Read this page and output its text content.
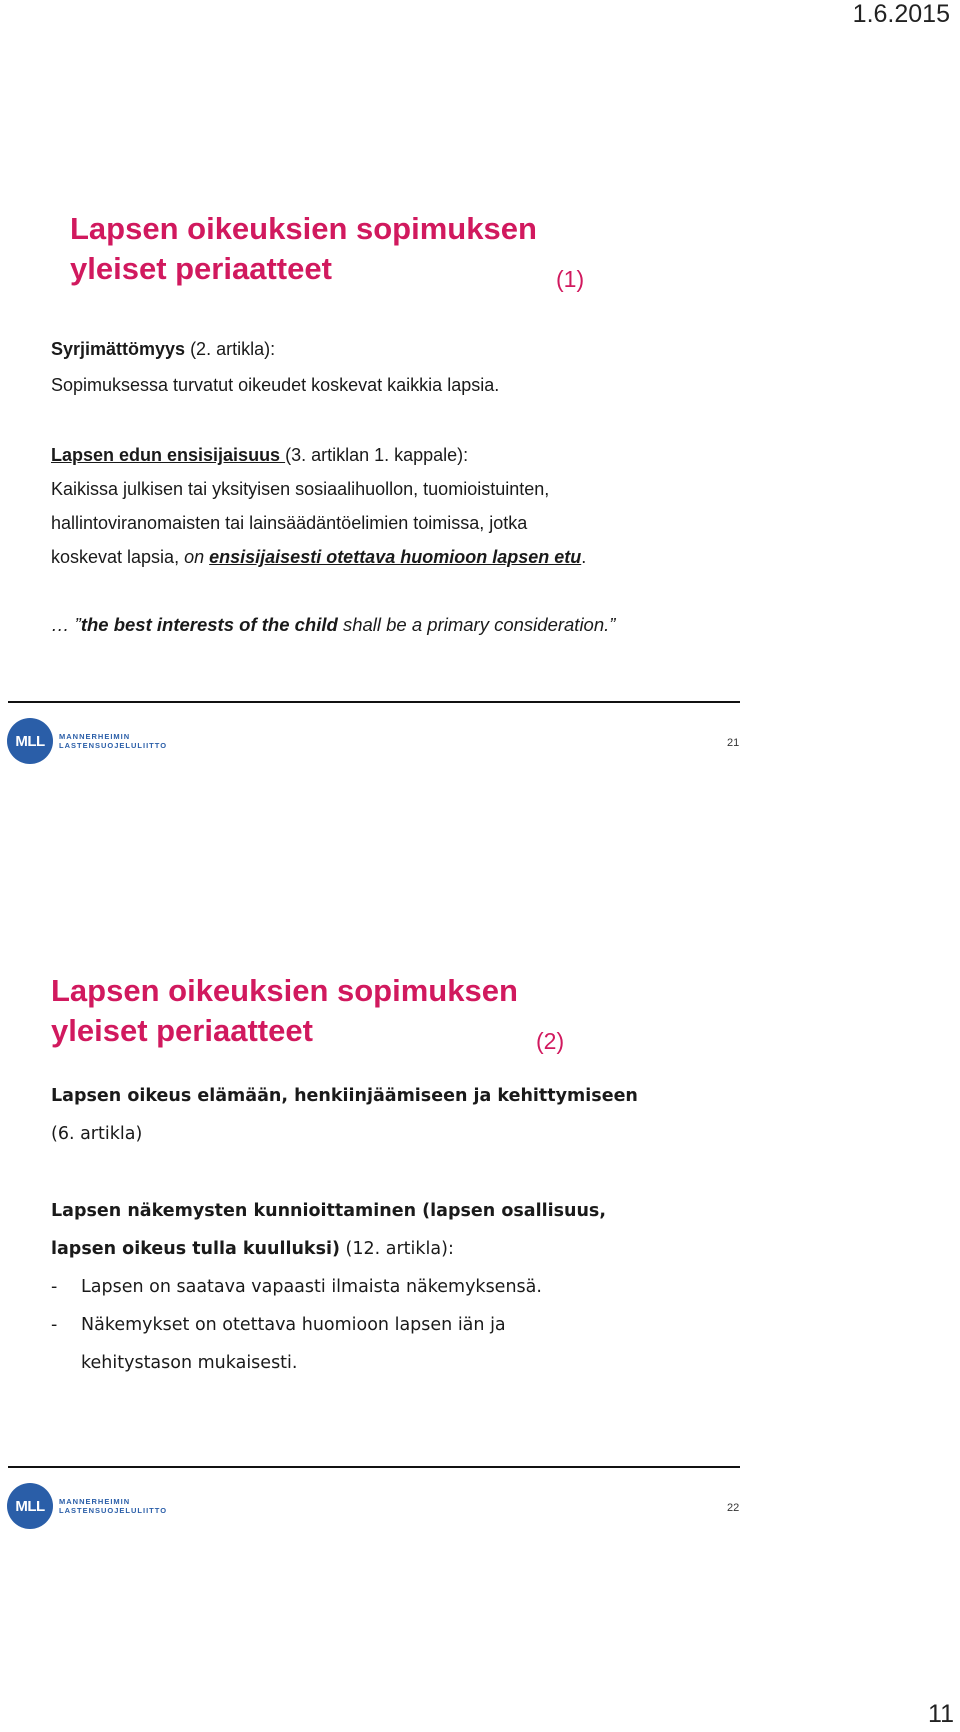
1.6.2015
Lapsen oikeuksien sopimuksen
yleiset periaatteet	(1)
Syrjimättömyys (2. artikla):
Sopimuksessa turvatut oikeudet koskevat kaikkia lapsia.
Lapsen edun ensisijaisuus (3. artiklan 1. kappale):
Kaikissa julkisen tai yksityisen sosiaalihuollon, tuomioistuinten,
hallintoviranomaisten tai lainsäädäntöelimien toimissa, jotka
koskevat lapsia, on ensisijaisesti otettava huomioon lapsen etu.
… ”the best interests of the child shall be a primary consideration.”
MLL	MANNERHEIMIN
LASTENSUOJELULIITTO	21
Lapsen oikeuksien sopimuksen
yleiset periaatteet	(2)
Lapsen oikeus elämään, henkiinjäämiseen ja kehittymiseen
(6. artikla)
Lapsen näkemysten kunnioittaminen (lapsen osallisuus,
lapsen oikeus tulla kuulluksi) (12. artikla):
- Lapsen on saatava vapaasti ilmaista näkemyksensä.
- Näkemykset on otettava huomioon lapsen iän ja
kehitystason mukaisesti.
MLL	MANNERHEIMIN
LASTENSUOJELULIITTO	22
11
